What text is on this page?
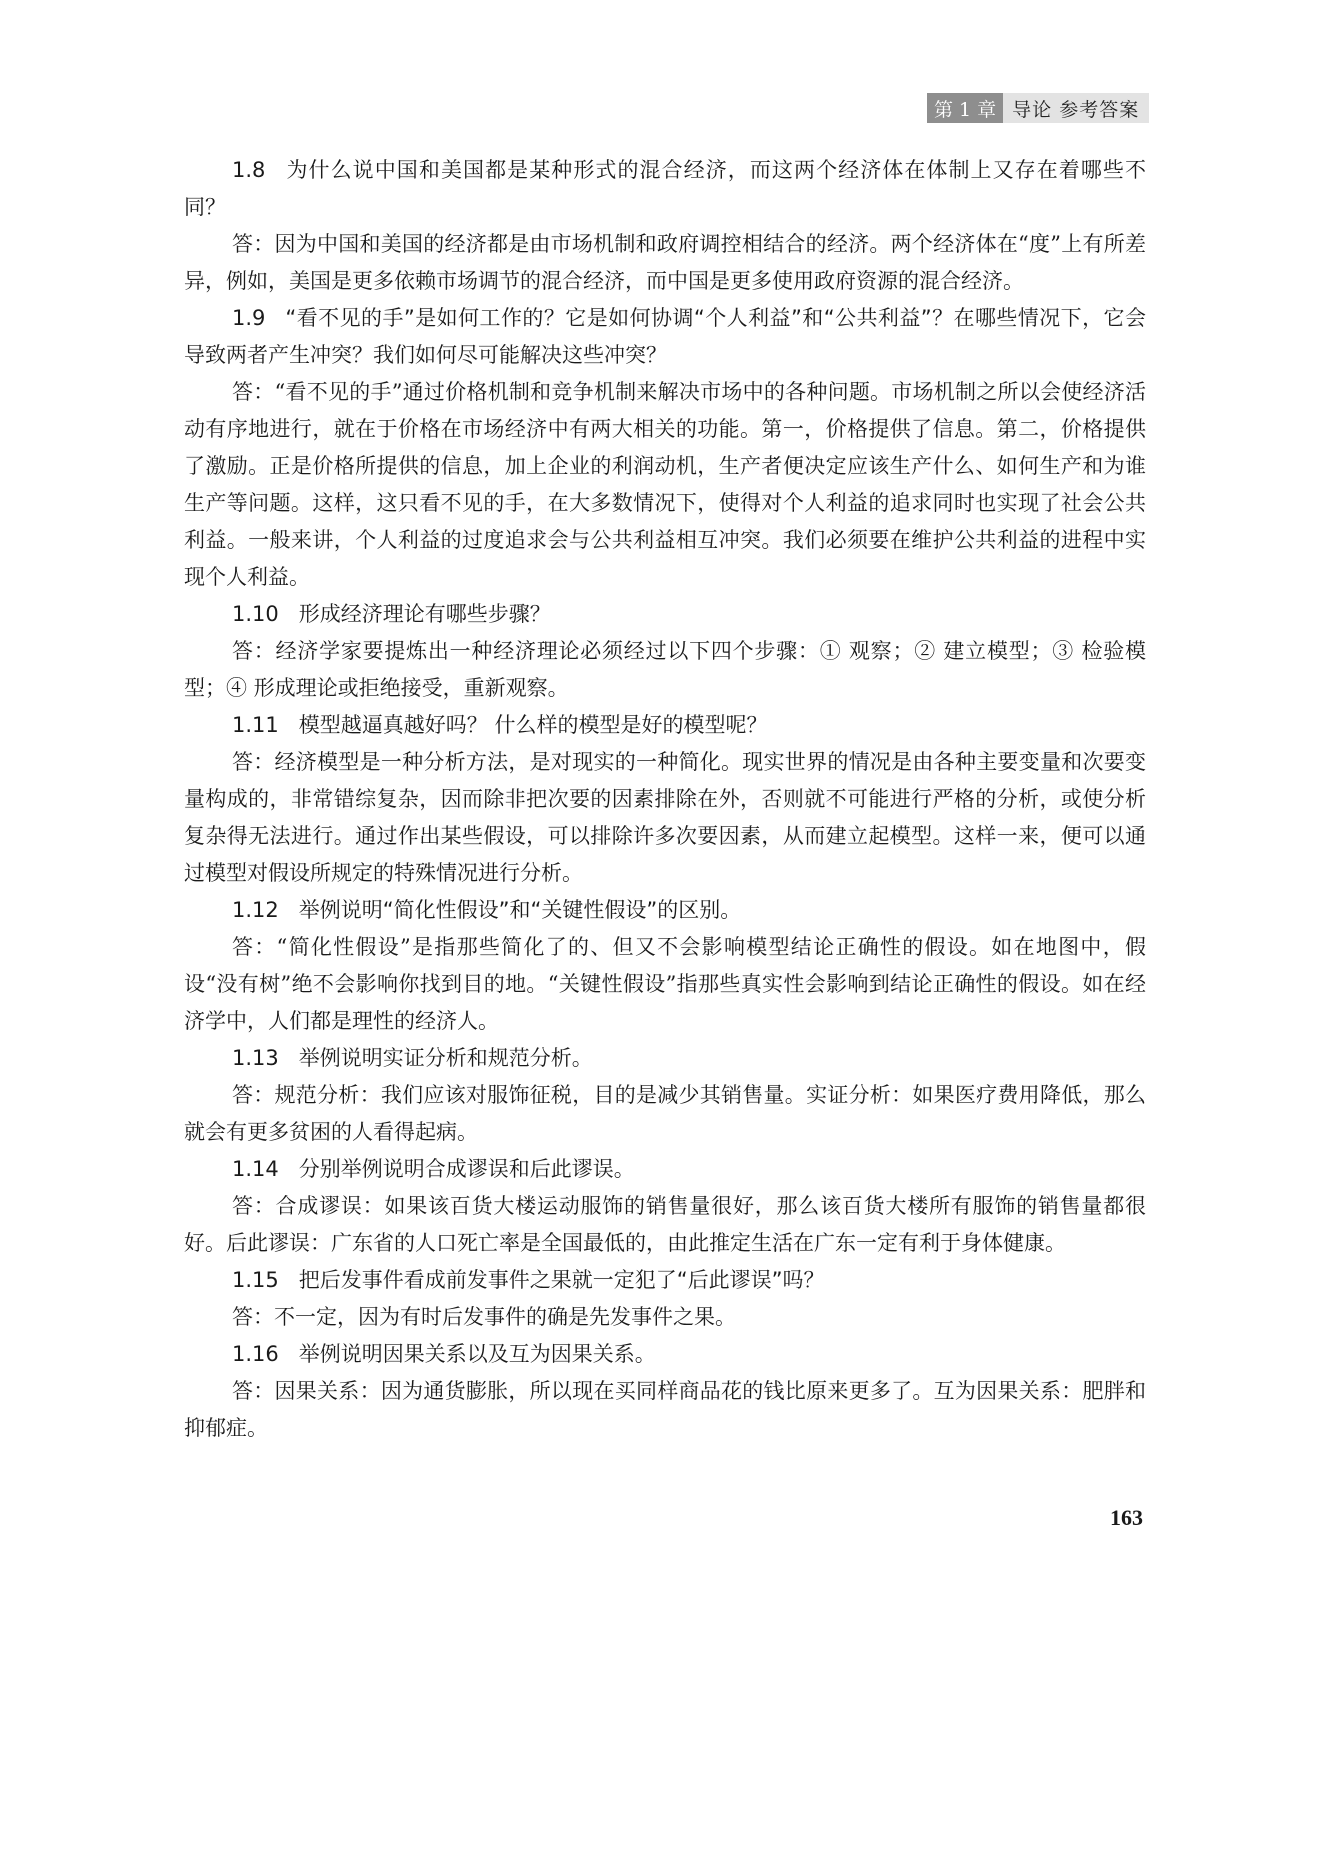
第 1 章 导论 参考答案

1.8 为什么说中国和美国都是某种形式的混合经济，而这两个经济体在体制上又存在着哪些不同？

答：因为中国和美国的经济都是由市场机制和政府调控相结合的经济。两个经济体在“度”上有所差异，例如，美国是更多依赖市场调节的混合经济，而中国是更多使用政府资源的混合经济。

1.9 “看不见的手”是如何工作的？它是如何协调“个人利益”和“公共利益”？在哪些情况下，它会导致两者产生冲突？我们如何尽可能解决这些冲突？

答：“看不见的手”通过价格机制和竞争机制来解决市场中的各种问题。市场机制之所以会使经济活动有序地进行，就在于价格在市场经济中有两大相关的功能。第一，价格提供了信息。第二，价格提供了激励。正是价格所提供的信息，加上企业的利润动机，生产者便决定应该生产什么、如何生产和为谁生产等问题。这样，这只看不见的手，在大多数情况下，使得对个人利益的追求同时也实现了社会公共利益。一般来讲，个人利益的过度追求会与公共利益相互冲突。我们必须要在维护公共利益的进程中实现个人利益。

1.10 形成经济理论有哪些步骤？

答：经济学家要提炼出一种经济理论必须经过以下四个步骤：① 观察；② 建立模型；③ 检验模型；④ 形成理论或拒绝接受，重新观察。

1.11 模型越逼真越好吗？ 什么样的模型是好的模型呢？

答：经济模型是一种分析方法，是对现实的一种简化。现实世界的情况是由各种主要变量和次要变量构成的，非常错综复杂，因而除非把次要的因素排除在外，否则就不可能进行严格的分析，或使分析复杂得无法进行。通过作出某些假设，可以排除许多次要因素，从而建立起模型。这样一来，便可以通过模型对假设所规定的特殊情况进行分析。

1.12 举例说明“简化性假设”和“关键性假设”的区别。

答：“简化性假设”是指那些简化了的、但又不会影响模型结论正确性的假设。如在地图中，假设“没有树”绝不会影响你找到目的地。“关键性假设”指那些真实性会影响到结论正确性的假设。如在经济学中，人们都是理性的经济人。

1.13 举例说明实证分析和规范分析。

答：规范分析：我们应该对服饰征税，目的是减少其销售量。实证分析：如果医疗费用降低，那么就会有更多贫困的人看得起病。

1.14 分别举例说明合成谬误和后此谬误。

答：合成谬误：如果该百货大楼运动服饰的销售量很好，那么该百货大楼所有服饰的销售量都很好。后此谬误：广东省的人口死亡率是全国最低的，由此推定生活在广东一定有利于身体健康。

1.15 把后发事件看成前发事件之果就一定犯了“后此谬误”吗？

答：不一定，因为有时后发事件的确是先发事件之果。

1.16 举例说明因果关系以及互为因果关系。

答：因果关系：因为通货膨胀，所以现在买同样商品花的钱比原来更多了。互为因果关系：肥胖和抑郁症。

163
